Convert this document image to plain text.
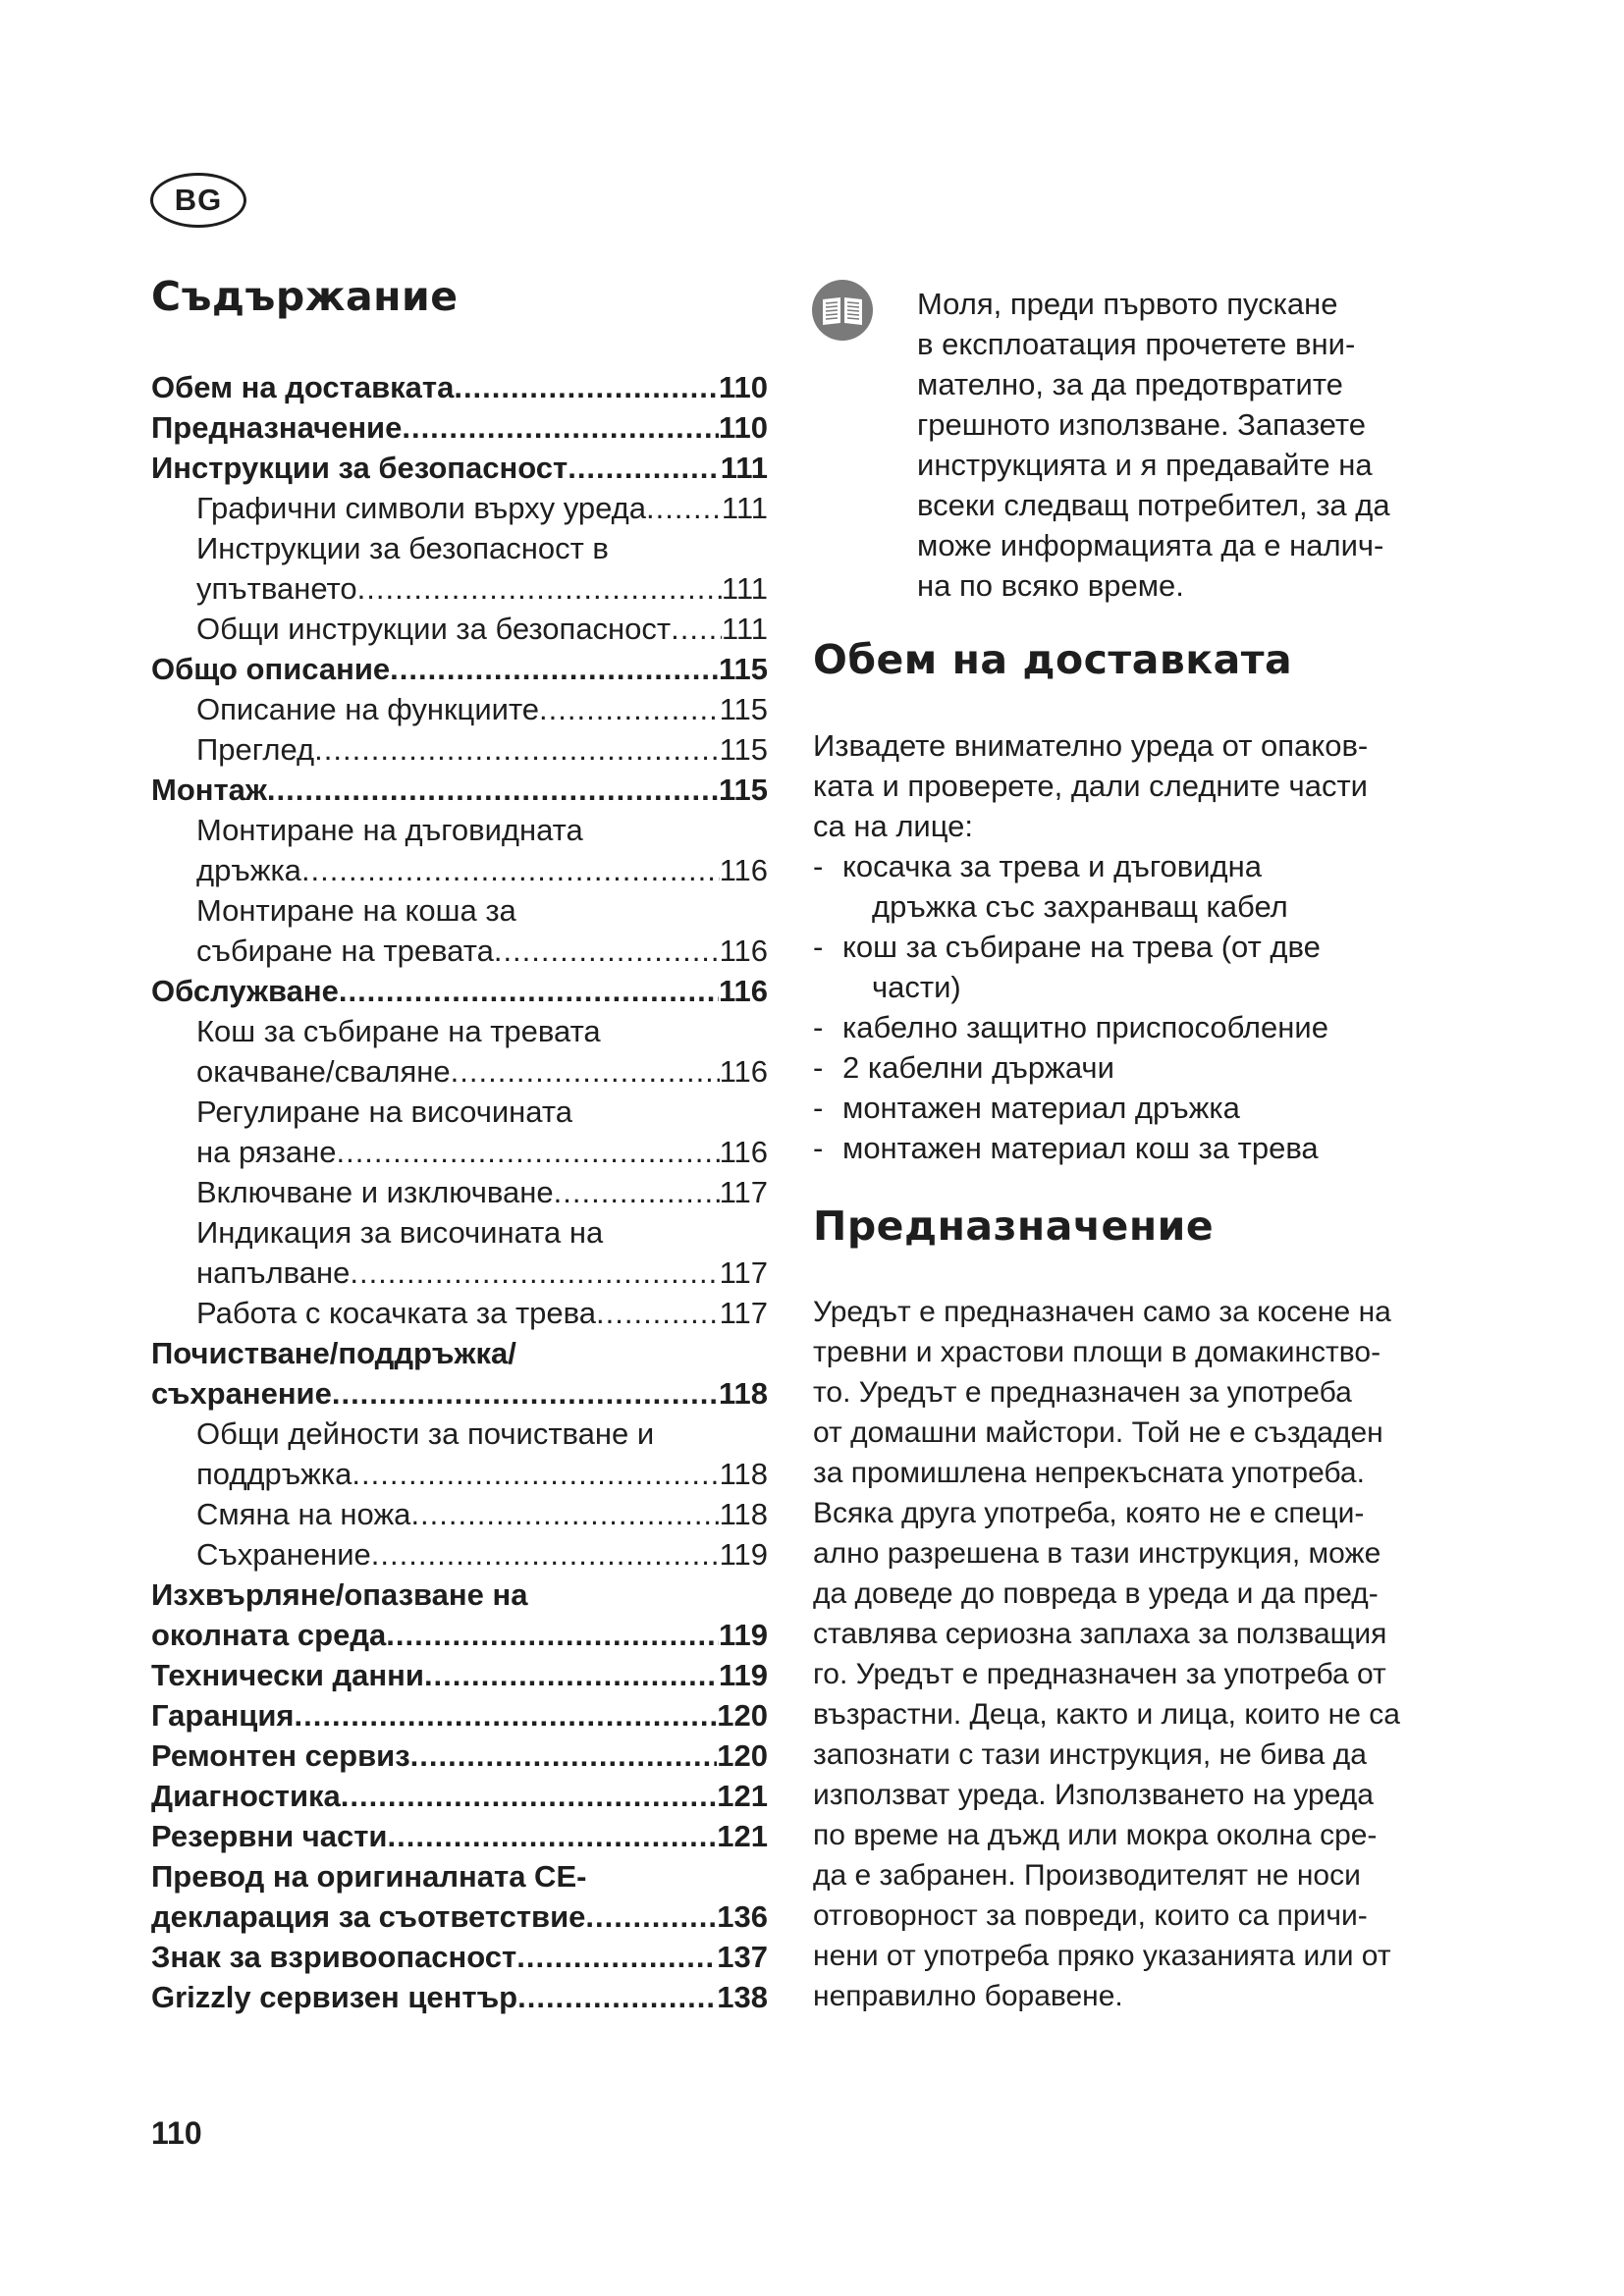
BG
Съдържание
Обем на доставката .....	110
Предназначение .....	110
Инструкции за безопасност .....	111
Графични символи върху уреда ..... 111
Инструкции за безопасност в
упътването .....	111
Общи инструкции за безопасност ..... 111
Общо описание .....	115
Описание на функциите .....	115
Преглед .....	115
Монтаж .....	115
Монтиране на дъговидната
дръжка .....	116
Монтиране на коша за
събиране на тревата .....	116
Обслужване .....	116
Кош за събиране на тревата
окачване/сваляне .....	116
Регулиране на височината
на рязане .....	116
Включване и изключване .....	117
Индикация за височината на
напълване .....	117
Работа с косачката за трева .....	117
Почистване/поддръжка/
съхранение .....	118
Общи дейности за почистване и
поддръжка .....	118
Смяна на ножа .....	118
Съхранение .....	119
Изхвърляне/опазване на
околната среда .....	119
Технически данни .....	119
Гаранция .....	120
Ремонтен сервиз .....	120
Диагностика .....	121
Резервни части .....	121
Превод на оригиналната CE-
декларация за съответствие .....	136
Знак за взривоопасност .....	137
Grizzly сервизен център .....	138

Моля, преди първото пускане
в експлоатация прочетете вни-
мателно, за да предотвратите
грешното използване. Запазете
инструкцията и я предавайте на
всеки следващ потребител, за да
може информацията да е налич-
на по всяко време.

Обем на доставката

Извадете внимателно уреда от опаков-
ката и проверете, дали следните части
са на лице:

- косачка за трева и дъговидна
дръжка със захранващ кабел
- кош за събиране на трева (от две
части)
- кабелно защитно приспособление
- 2 кабелни държачи
- монтажен материал дръжка
- монтажен материал кош за трева
Предназначение

Уредът е предназначен само за косене на
тревни и храстови площи в домакинство-
то. Уредът е предназначен за употреба
от домашни майстори. Той не е създаден
за промишлена непрекъсната употреба.
Всяка друга употреба, която не е специ-
ално разрешена в тази инструкция, може
да доведе до повреда в уреда и да пред-
ставлява сериозна заплаха за ползващия
го. Уредът е предназначен за употреба от
възрастни. Деца, както и лица, които не са
запознати с тази инструкция, не бива да
използват уреда. Използването на уреда
по време на дъжд или мокра околна сре-
да е забранен. Производителят не носи
отговорност за повреди, които са причи-
нени от употреба пряко указанията или от
неправилно боравене.

110
